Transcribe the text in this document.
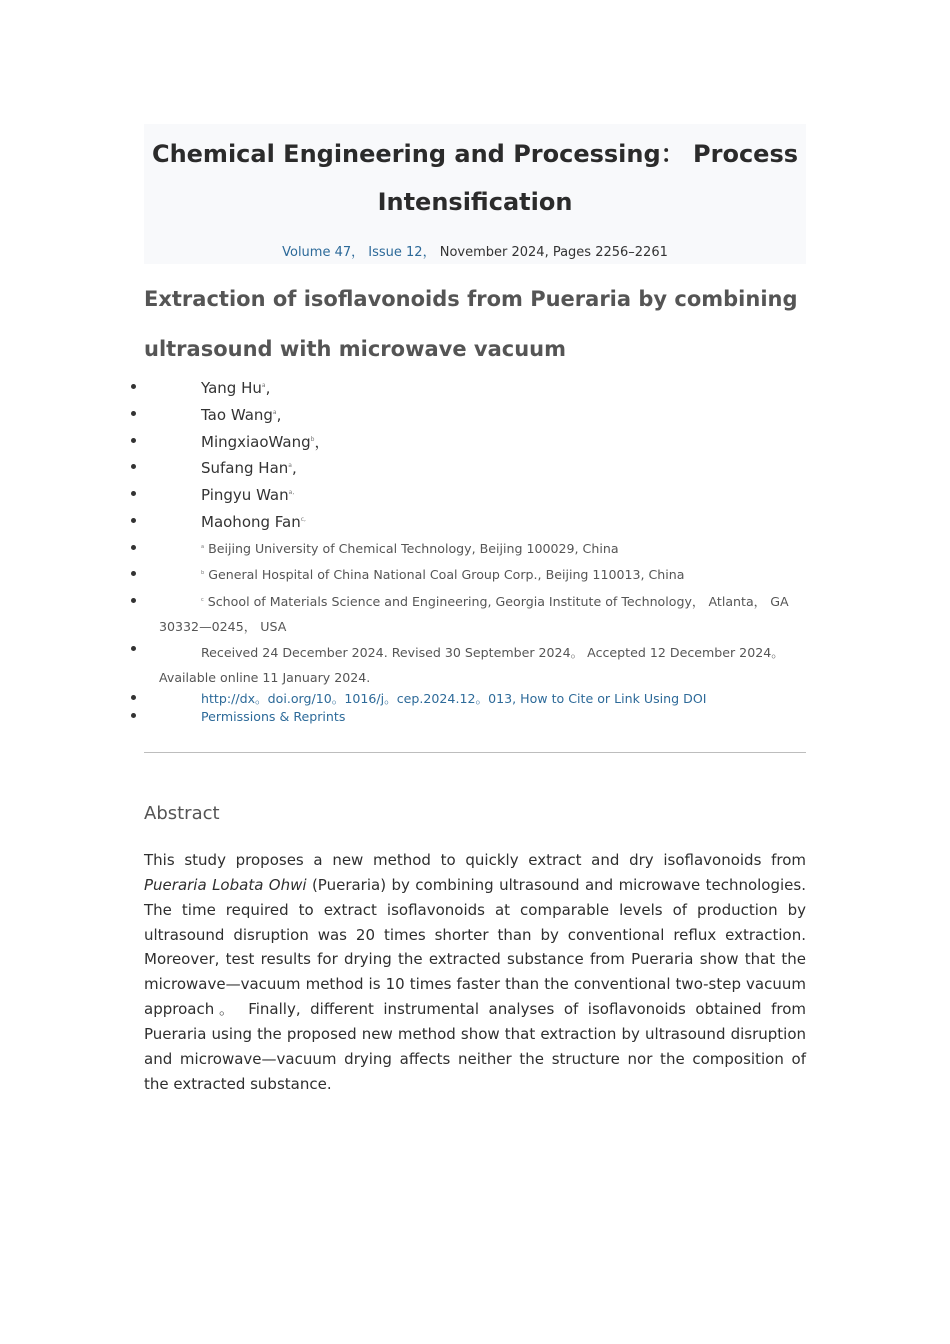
Chemical Engineering and Processing： Process Intensification
Volume 47， Issue 12， November 2024, Pages 2256–2261
Extraction of isoflavonoids from Pueraria by combining ultrasound with microwave vacuum
Yang Hu$^a$,
Tao Wang$^a$,
MingxiaoWang$^b$，
Sufang Han$^a$,
Pingyu Wan$^{a,}$
Maohong Fan$^{c,}$
$^a$ Beijing University of Chemical Technology, Beijing 100029, China
$^b$ General Hospital of China National Coal Group Corp., Beijing 110013, China
$^c$ School of Materials Science and Engineering, Georgia Institute of Technology， Atlanta， GA
30332—0245， USA
Received 24 December 2024. Revised 30 September 2024。 Accepted 12 December 2024。
Available online 11 January 2024.
http://dx。doi.org/10。1016/j。cep.2024.12。013, How to Cite or Link Using DOI
Permissions & Reprints
Abstract

This study proposes a new method to quickly extract and dry isoflavonoids from Pueraria Lobata Ohwi (Pueraria) by combining ultrasound and microwave technologies. The time required to extract isoflavonoids at comparable levels of production by ultrasound disruption was 20 times shorter than by conventional reflux extraction. Moreover, test results for drying the extracted substance from Pueraria show that the microwave—vacuum method is 10 times faster than the conventional two-step vacuum approach。 Finally, different instrumental analyses of isoflavonoids obtained from Pueraria using the proposed new method show that extraction by ultrasound disruption and microwave—vacuum drying affects neither the structure nor the composition of the extracted substance.
